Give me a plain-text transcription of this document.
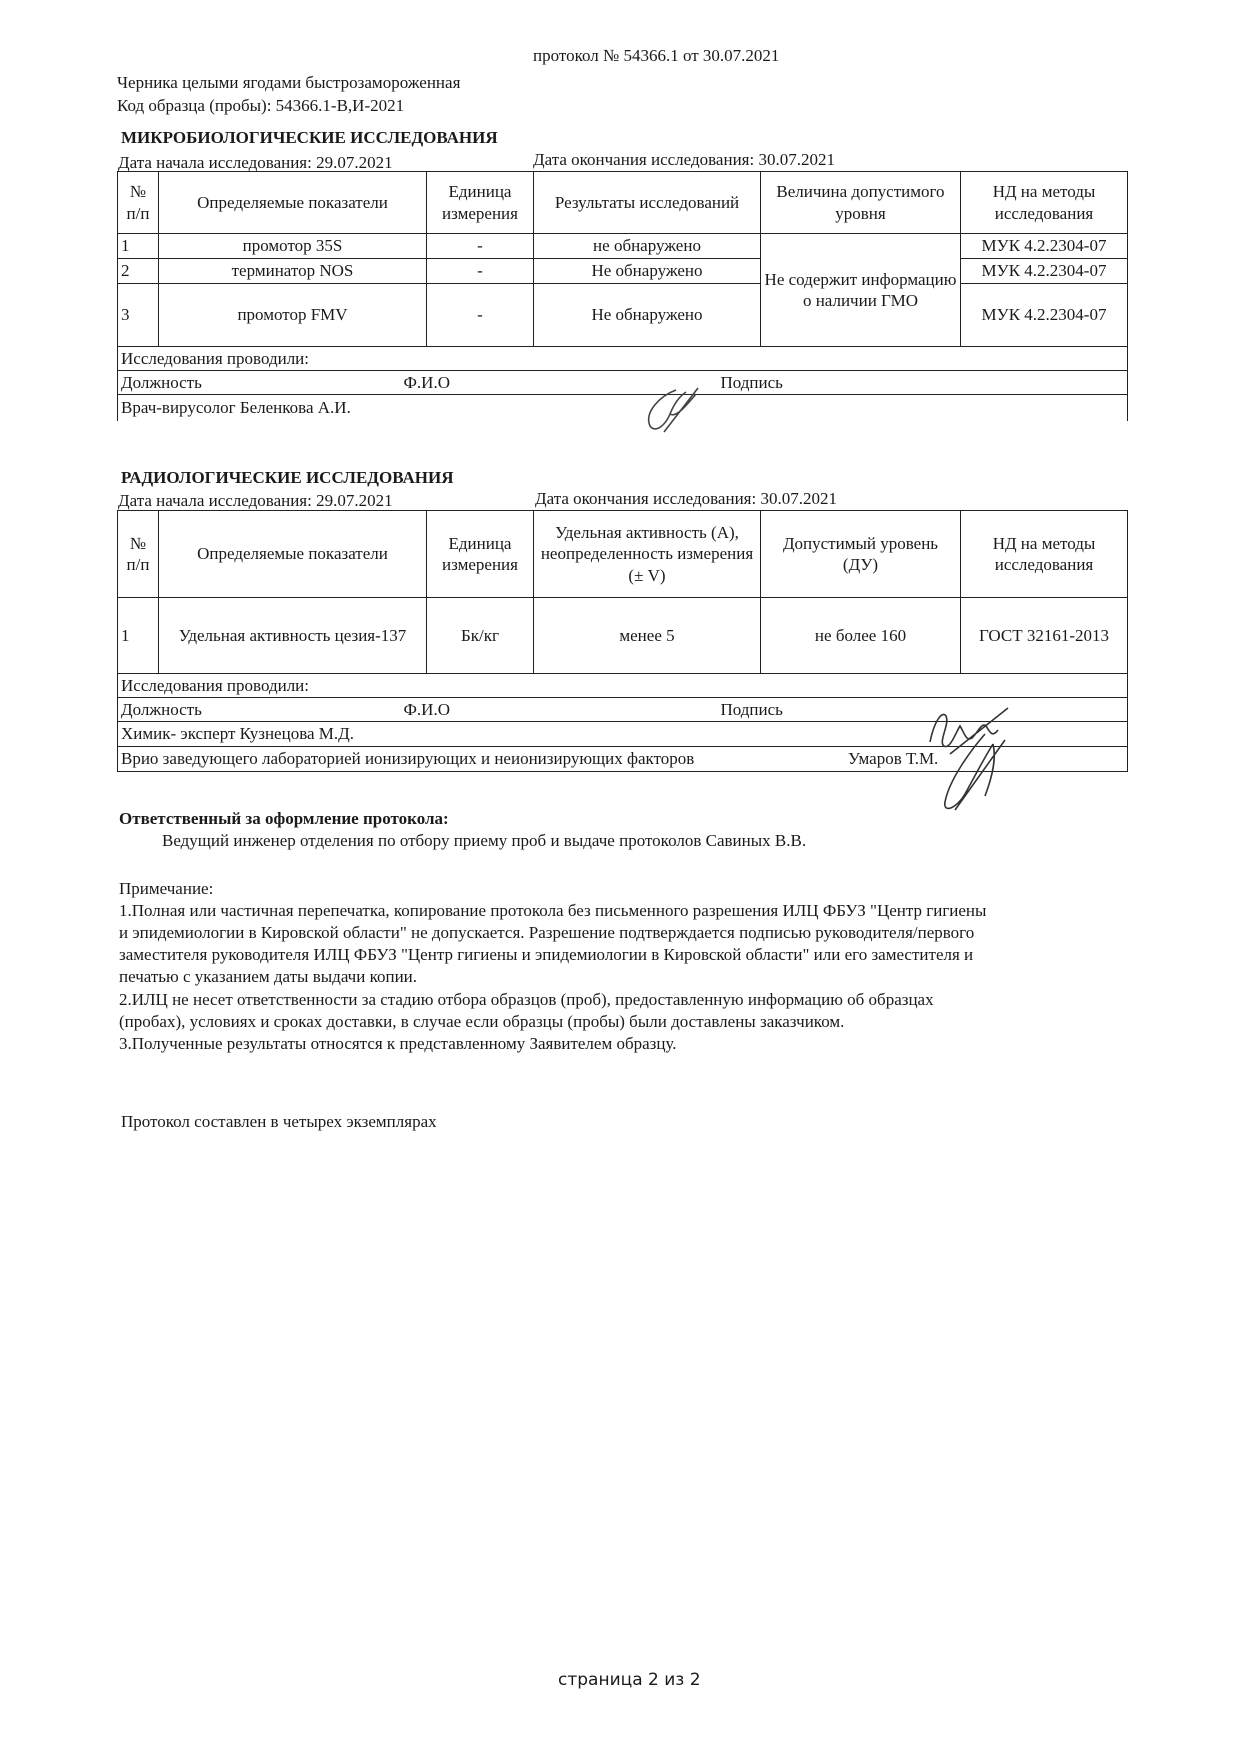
протокол № 54366.1 от 30.07.2021
Черника целыми ягодами быстрозамороженная
Код образца (пробы): 54366.1-В,И-2021
МИКРОБИОЛОГИЧЕСКИЕ ИССЛЕДОВАНИЯ
Дата начала исследования: 29.07.2021	Дата окончания исследования: 30.07.2021
№ п/п	Определяемые показатели	Единица измерения	Результаты исследований	Величина допустимого уровня	НД на методы исследования
1	промотор 35S	-	не обнаружено	Не содержит информацию о наличии ГМО	МУК 4.2.2304-07
2	терминатор NOS	-	Не обнаружено		МУК 4.2.2304-07
3	промотор FMV	-	Не обнаружено		МУК 4.2.2304-07
Исследования проводили:					
Должность			Ф.И.О		Подпись

Врач-вирусолог Беленкова А.И.					
РАДИОЛОГИЧЕСКИЕ ИССЛЕДОВАНИЯ
Дата начала исследования: 29.07.2021	Дата окончания исследования: 30.07.2021
№ п/п	Определяемые показатели	Единица измерения	Удельная активность (А), неопределенность измерения (± V)	Допустимый уровень (ДУ)	НД на методы исследования
1	Удельная активность цезия-137	Бк/кг	менее 5	не более 160	ГОСТ 32161-2013
Исследования проводили:					
Должность			Ф.И.О		Подпись

Химик- эксперт Кузнецова М.Д.					
Врио заведующего лабораторией ионизирующих и неионизирующих факторов Умаров Т.М.					
Ответственный за оформление протокола:
Ведущий инженер отделения по отбору приему проб и выдаче протоколов Савиных В.В.
Примечание:
1.Полная или частичная перепечатка, копирование протокола без письменного разрешения ИЛЦ ФБУЗ "Центр гигиены
и эпидемиологии в Кировской области" не допускается. Разрешение подтверждается подписью руководителя/первого
заместителя руководителя ИЛЦ ФБУЗ "Центр гигиены и эпидемиологии в Кировской области" или его заместителя и
печатью с указанием даты выдачи копии.
2.ИЛЦ не несет ответственности за стадию отбора образцов (проб), предоставленную информацию об образцах
(пробах), условиях и сроках доставки, в случае если образцы (пробы) были доставлены заказчиком.
3.Полученные результаты относятся к представленному Заявителем образцу.
Протокол составлен в четырех экземплярах
страница 2 из 2
